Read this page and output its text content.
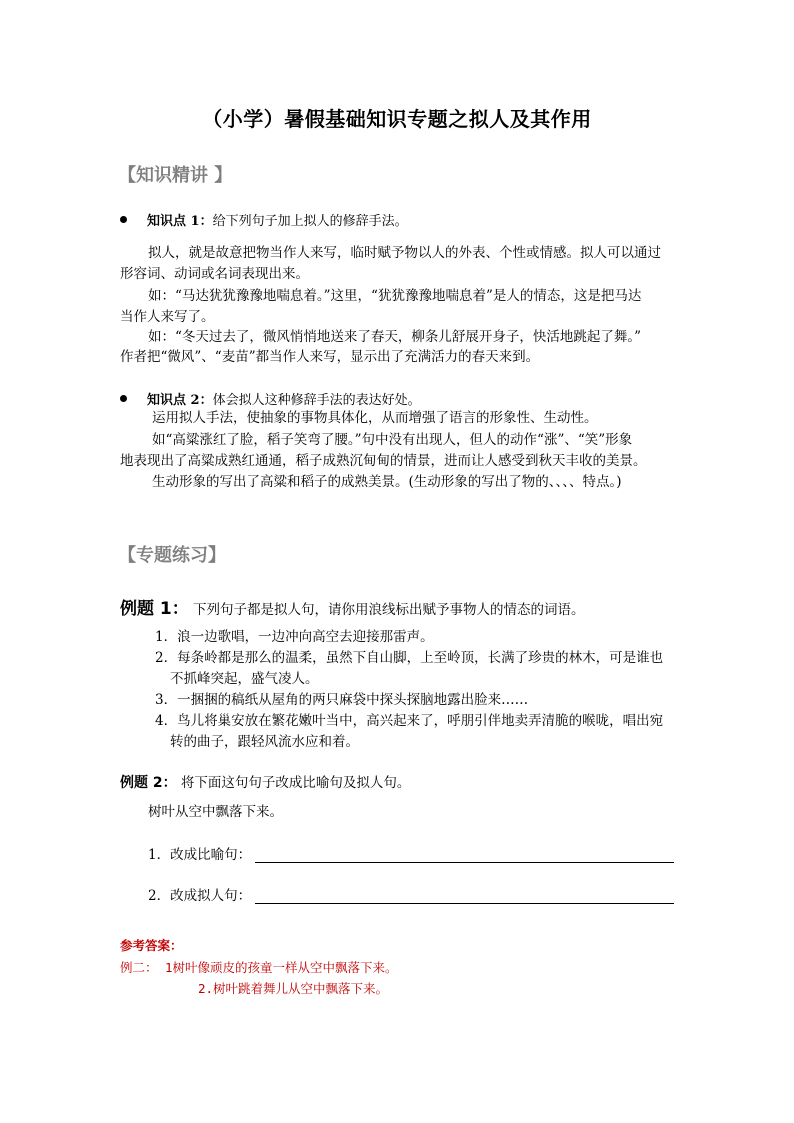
（小学）暑假基础知识专题之拟人及其作用
【知识精讲 】
知识点 1： 给下列句子加上拟人的修辞手法。
拟人，就是故意把物当作人来写，临时赋予物以人的外表、个性或情感。拟人可以通过
形容词、动词或名词表现出来。
如：“马达犹犹豫豫地喘息着。”这里，“犹犹豫豫地喘息着”是人的情态，这是把马达
当作人来写了。
如：“冬天过去了，微风悄悄地送来了春天，柳条儿舒展开身子，快活地跳起了舞。”
作者把“微风”、“麦苗”都当作人来写，显示出了充满活力的春天来到。
知识点 2： 体会拟人这种修辞手法的表达好处。
运用拟人手法，使抽象的事物具体化，从而增强了语言的形象性、生动性。
如“高粱涨红了脸，稻子笑弯了腰。”句中没有出现人，但人的动作“涨”、“笑”形象
地表现出了高粱成熟红通通，稻子成熟沉甸甸的情景，进而让人感受到秋天丰收的美景。
生动形象的写出了高粱和稻子的成熟美景。(生动形象的写出了物的、、、、特点。)
【专题练习】
例题 1： 下列句子都是拟人句，请你用浪线标出赋予事物人的情态的词语。
1．浪一边歌唱，一边冲向高空去迎接那雷声。
2．每条岭都是那么的温柔，虽然下自山脚，上至岭顶，长满了珍贵的林木，可是谁也
不抓峰突起，盛气凌人。
3．一捆捆的稿纸从屋角的两只麻袋中探头探脑地露出脸来……
4．鸟儿将巢安放在繁花嫩叶当中，高兴起来了，呼朋引伴地卖弄清脆的喉咙，唱出宛
转的曲子，跟轻风流水应和着。
例题 2： 将下面这句句子改成比喻句及拟人句。
树叶从空中飘落下来。
1．改成比喻句：
2．改成拟人句：
参考答案：
例二： 1树叶像顽皮的孩童一样从空中飘落下来。
2.树叶跳着舞儿从空中飘落下来。
